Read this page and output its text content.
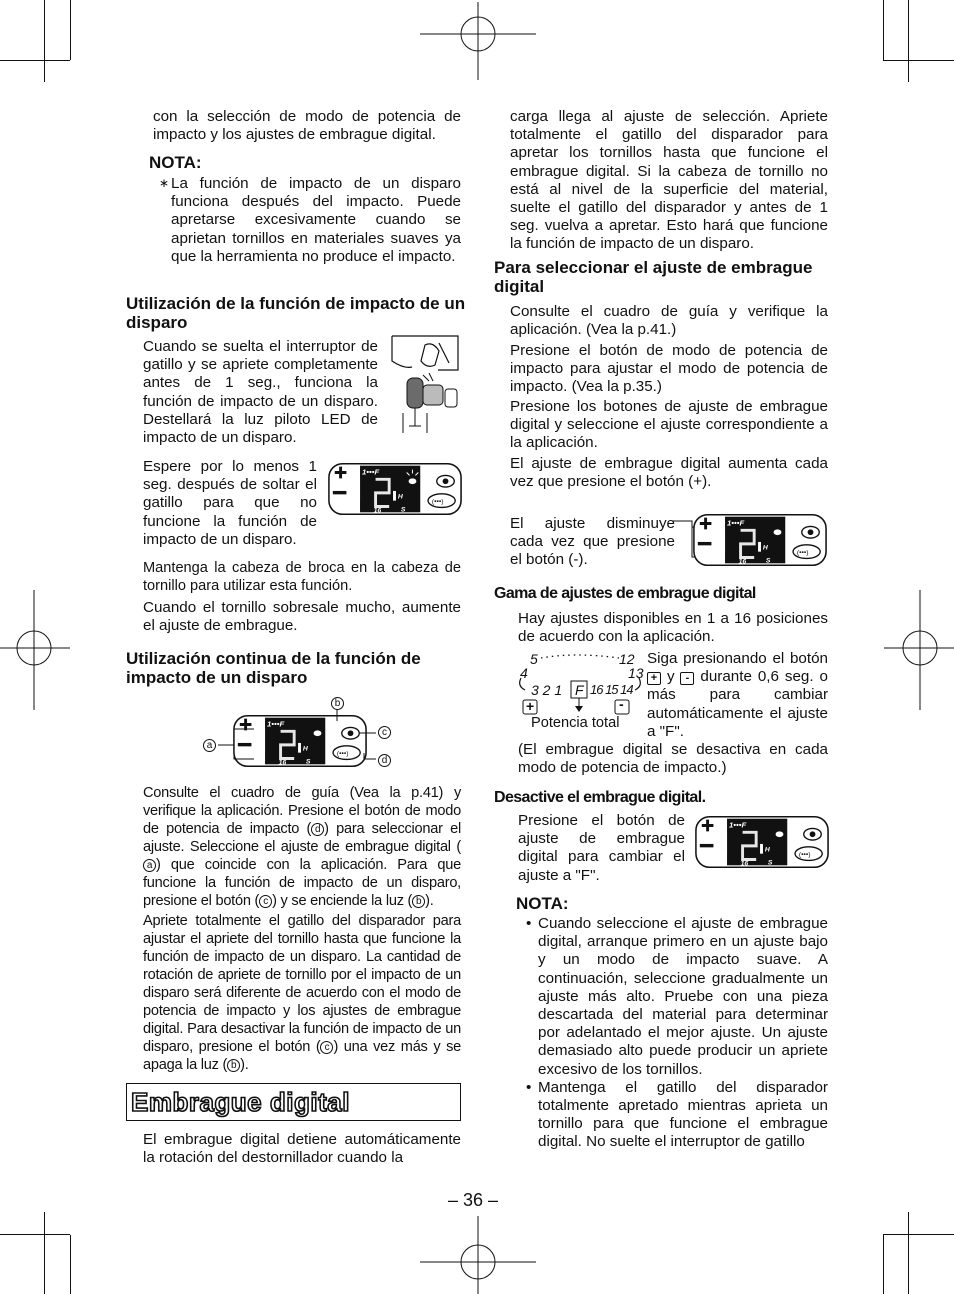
con la selección de modo de potencia de impacto y los ajustes de embrague digital.
NOTA:
∗ La función de impacto de un disparo funciona después del impacto. Puede apretarse excesivamente cuando se aprietan tornillos en materiales suaves ya que la herramienta no produce el impacto.
Utilización de la función de impacto de un disparo
Cuando se suelta el interruptor de gatillo y se apriete completamente antes de 1 seg., funciona la función de impacto de un disparo. Destellará la luz piloto LED de impacto de un disparo.
Espere por lo menos 1 seg. después de soltar el gatillo para que no funcione la función de impacto de un disparo.
Mantenga la cabeza de broca en la cabeza de tornillo para utilizar esta función.
Cuando el tornillo sobresale mucho, aumente el ajuste de embrague.
Utilización continua de la función de impacto de un disparo
a
b
c
d
Consulte el cuadro de guía (Vea la p.41) y verifique la aplicación. Presione el botón de modo de potencia de impacto ( d ) para seleccionar el ajuste. Seleccione el ajuste de embrague digital (a ) que coincide con la aplicación. Para que funcione la función de impacto de un disparo, presione el botón ( c ) y se enciende la luz ( b ).
Apriete totalmente el gatillo del disparador para ajustar el apriete del tornillo hasta que funcione la función de impacto de un disparo. La cantidad de rotación de apriete de tornillo por el impacto de un disparo será diferente de acuerdo con el modo de potencia de impacto y los ajustes de embrague digital. Para desactivar la función de impacto de un disparo, presione el botón ( c ) una vez más y se apaga la luz ( b ).
Embrague digital
El embrague digital detiene automáticamente la rotación del destornillador cuando la
carga llega al ajuste de selección. Apriete totalmente el gatillo del disparador para apretar los tornillos hasta que funcione el embrague digital. Si la cabeza de tornillo no está al nivel de la superficie del material, suelte el gatillo del disparador y antes de 1 seg. vuelva a apretar. Esto hará que funcione la función de impacto de un disparo.
Para seleccionar el ajuste de embrague digital
Consulte el cuadro de guía y verifique la aplicación. (Vea la p.41.)
Presione el botón de modo de potencia de impacto para ajustar el modo de potencia de impacto. (Vea la p.35.)
Presione los botones de ajuste de embrague digital y seleccione el ajuste correspondiente a la aplicación.
El ajuste de embrague digital aumenta cada vez que presione el botón (+).
El ajuste disminuye cada vez que presione el botón (-).
Gama de ajustes de embrague digital
Hay ajustes disponibles en 1 a 16 posiciones de acuerdo con la aplicación.
5	12
4	13
3 2 1 F 16 15 14
+	-
Potencia total
Siga presionando el botón + y - durante 0,6 seg. o más para cambiar automáticamente el ajuste a "F".
(El embrague digital se desactiva en cada modo de potencia de impacto.)
Desactive el embrague digital.
Presione el botón de ajuste de embrague digital para cambiar el ajuste a "F".
NOTA:
• Cuando seleccione el ajuste de embrague digital, arranque primero en un ajuste bajo y un modo de impacto suave. A continuación, seleccione gradualmente un ajuste más alto. Pruebe con una pieza descartada del material para determinar por adelantado el mejor ajuste. Un ajuste demasiado alto puede producir un apriete excesivo de los tornillos.
• Mantenga el gatillo del disparador totalmente apretado mientras aprieta un tornillo para que funcione el embrague digital. No suelte el interruptor de gatillo
– 36 –
